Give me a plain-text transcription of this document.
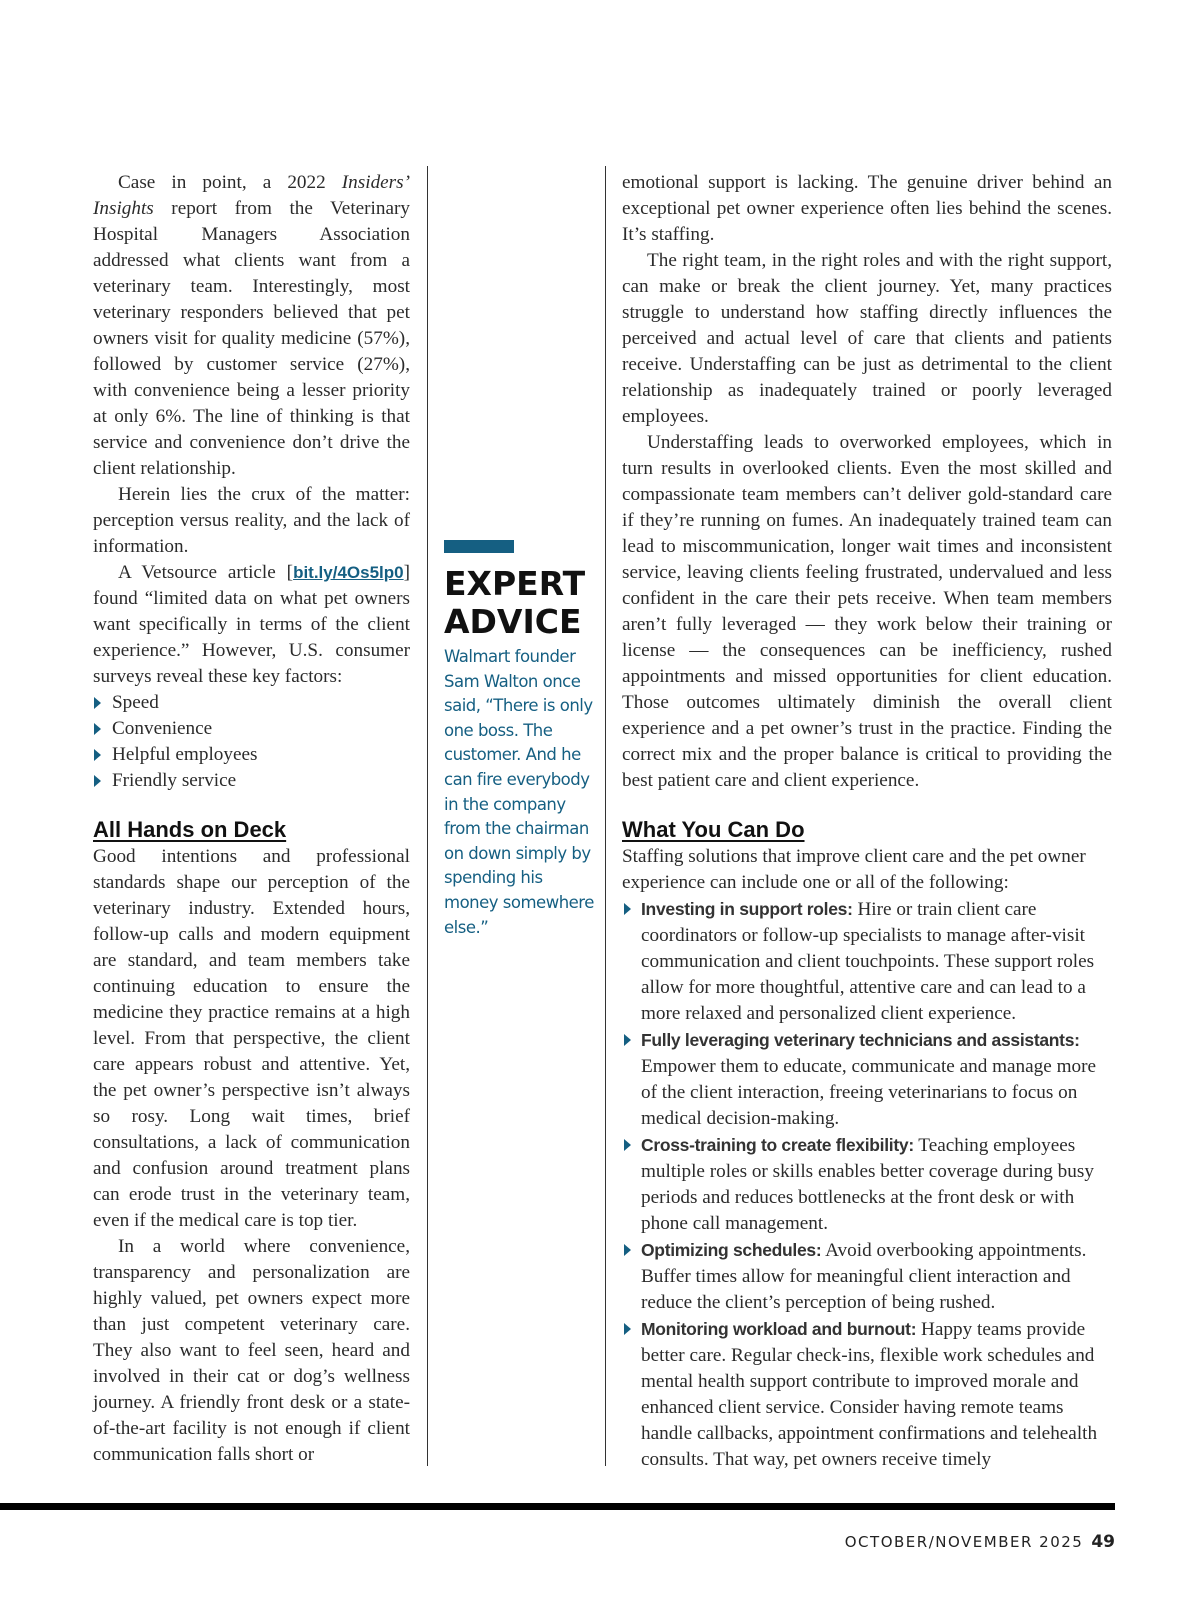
Case in point, a 2022 Insiders’ Insights report from the Veterinary Hospital Managers Association addressed what clients want from a veterinary team. Interestingly, most veterinary responders believed that pet owners visit for quality medicine (57%), followed by customer service (27%), with convenience being a lesser priority at only 6%. The line of thinking is that service and convenience don’t drive the client relationship.

Herein lies the crux of the matter: perception versus reality, and the lack of information.

A Vetsource article [bit.ly/4Os5lp0] found “limited data on what pet owners want specifically in terms of the client experience.” However, U.S. consumer surveys reveal these key factors:

Speed
Convenience
Helpful employees
Friendly service
All Hands on Deck

Good intentions and professional standards shape our perception of the veterinary industry. Extended hours, follow-up calls and modern equipment are standard, and team members take continuing education to ensure the medicine they practice remains at a high level. From that perspective, the client care appears robust and attentive. Yet, the pet owner’s perspective isn’t always so rosy. Long wait times, brief consultations, a lack of communication and confusion around treatment plans can erode trust in the veterinary team, even if the medical care is top tier.

In a world where convenience, transparency and personalization are highly valued, pet owners expect more than just competent veterinary care. They also want to feel seen, heard and involved in their cat or dog’s wellness journey. A friendly front desk or a state-of-the-art facility is not enough if client communication falls short or

EXPERT
ADVICE
Walmart founder Sam Walton once said, “There is only one boss. The customer. And he can fire everybody in the company from the chairman on down simply by spending his money somewhere else.”

emotional support is lacking. The genuine driver behind an exceptional pet owner experience often lies behind the scenes. It’s staffing.

The right team, in the right roles and with the right support, can make or break the client journey. Yet, many practices struggle to understand how staffing directly influences the perceived and actual level of care that clients and patients receive. Understaffing can be just as detrimental to the client relationship as inadequately trained or poorly leveraged employees.

Understaffing leads to overworked employees, which in turn results in overlooked clients. Even the most skilled and compassionate team members can’t deliver gold-standard care if they’re running on fumes. An inadequately trained team can lead to miscommunication, longer wait times and inconsistent service, leaving clients feeling frustrated, undervalued and less confident in the care their pets receive. When team members aren’t fully leveraged — they work below their training or license — the consequences can be inefficiency, rushed appointments and missed opportunities for client education. Those outcomes ultimately diminish the overall client experience and a pet owner’s trust in the practice. Finding the correct mix and the proper balance is critical to providing the best patient care and client experience.

What You Can Do

Staffing solutions that improve client care and the pet owner experience can include one or all of the following:

Investing in support roles: Hire or train client care coordinators or follow-up specialists to manage after-visit communication and client touchpoints. These support roles allow for more thoughtful, attentive care and can lead to a more relaxed and personalized client experience.
Fully leveraging veterinary technicians and assistants: Empower them to educate, communicate and manage more of the client interaction, freeing veterinarians to focus on medical decision-making.
Cross-training to create flexibility: Teaching employees multiple roles or skills enables better coverage during busy periods and reduces bottlenecks at the front desk or with phone call management.
Optimizing schedules: Avoid overbooking appointments. Buffer times allow for meaningful client interaction and reduce the client’s perception of being rushed.
Monitoring workload and burnout: Happy teams provide better care. Regular check-ins, flexible work schedules and mental health support contribute to improved morale and enhanced client service. Consider having remote teams handle callbacks, appointment confirmations and telehealth consults. That way, pet owners receive timely
OCTOBER/NOVEMBER 2025 49
